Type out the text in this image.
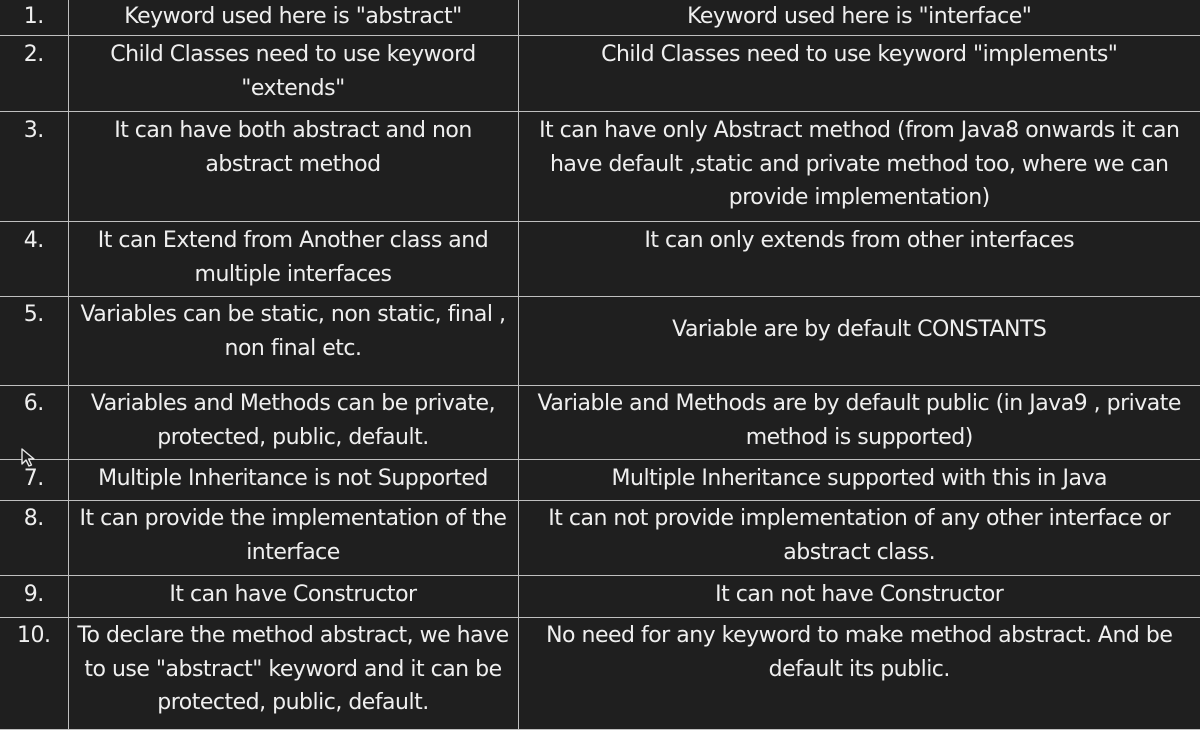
1.	Keyword used here is "abstract"	Keyword used here is "interface"
2.	Child Classes need to use keyword "extends"	Child Classes need to use keyword "implements"
3.	It can have both abstract and non abstract method	It can have only Abstract method (from Java8 onwards it can have default ,static and private method too, where we can provide implementation)
4.	It can Extend from Another class and multiple interfaces	It can only extends from other interfaces
5.	Variables can be static, non static, final , non final etc.	Variable are by default CONSTANTS
6.	Variables and Methods can be private, protected, public, default.	Variable and Methods are by default public (in Java9 , private method is supported)
7.	Multiple Inheritance is not Supported	Multiple Inheritance supported with this in Java
8.	It can provide the implementation of the interface	It can not provide implementation of any other interface or abstract class.
9.	It can have Constructor	It can not have Constructor
10.	To declare the method abstract, we have to use "abstract" keyword and it can be protected, public, default.	No need for any keyword to make method abstract. And be default its public.
